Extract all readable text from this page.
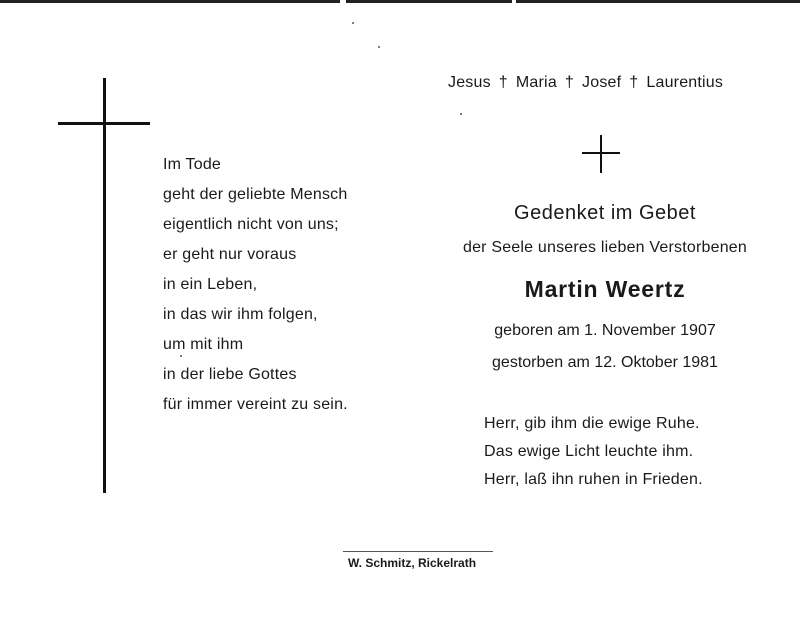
Im Tode
geht der geliebte Mensch
eigentlich nicht von uns;
er geht nur voraus
in ein Leben,
in das wir ihm folgen,
um mit ihm
in der liebe Gottes
für immer vereint zu sein.
Jesus † Maria † Josef † Laurentius
Gedenket im Gebet
der Seele unseres lieben Verstorbenen
Martin Weertz
geboren am 1. November 1907
gestorben am 12. Oktober 1981
Herr, gib ihm die ewige Ruhe.
Das ewige Licht leuchte ihm.
Herr, laß ihn ruhen in Frieden.
W. Schmitz, Rickelrath
